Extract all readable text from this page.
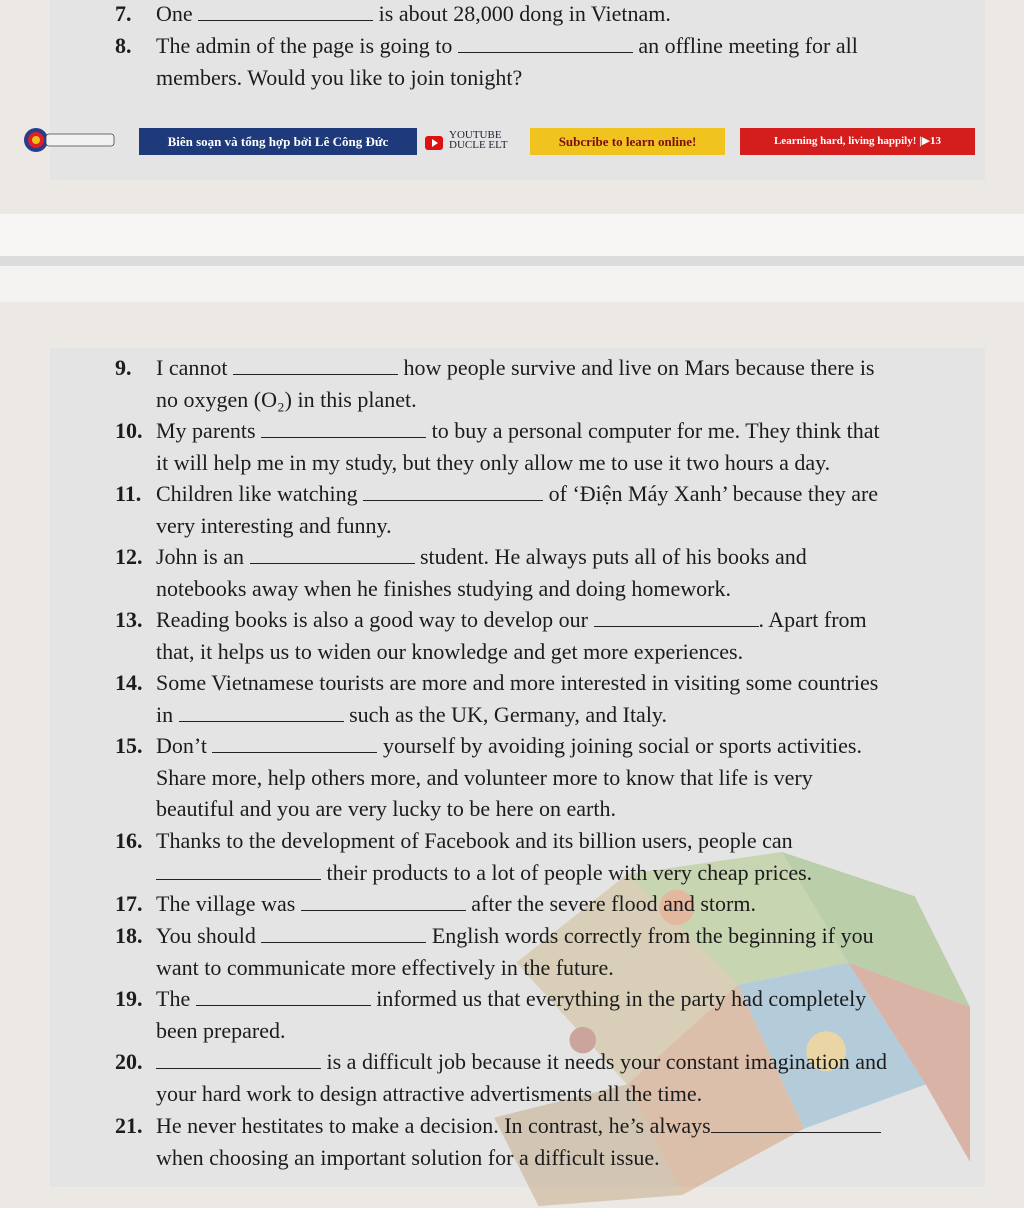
7.	One	is about 28,000 dong in Vietnam.
8.	The admin of the page is going to	an offline meeting for all
members. Would you like to join tonight?
Biên soạn và tổng hợp bởi Lê Công Đức	YOUTUBE
DUCLE ELT	Subcribe to learn online!	Learning hard, living happily! |▶13
9.	I cannot	how people survive and live on Mars because there is
no oxygen (O₂) in this planet.
10. My parents	to buy a personal computer for me. They think that
it will help me in my study, but they only allow me to use it two hours a day.
11. Children like watching	of ‘Điện Máy Xanh’ because they are
very interesting and funny.
12. John is an	student. He always puts all of his books and
notebooks away when he finishes studying and doing homework.
13. Reading books is also a good way to develop our	. Apart from
that, it helps us to widen our knowledge and get more experiences.
14. Some Vietnamese tourists are more and more interested in visiting some countries
in	such as the UK, Germany, and Italy.
15. Don’t	yourself by avoiding joining social or sports activities.
Share more, help others more, and volunteer more to know that life is very
beautiful and you are very lucky to be here on earth.
16. Thanks to the development of Facebook and its billion users, people can
their products to a lot of people with very cheap prices.
17. The village was	after the severe flood and storm.
18. You should	English words correctly from the beginning if you
want to communicate more effectively in the future.
19. The	informed us that everything in the party had completely
been prepared.
20.	is a difficult job because it needs your constant imagination and
your hard work to design attractive advertisments all the time.
21. He never hestitates to make a decision. In contrast, he’s always
when choosing an important solution for a difficult issue.
